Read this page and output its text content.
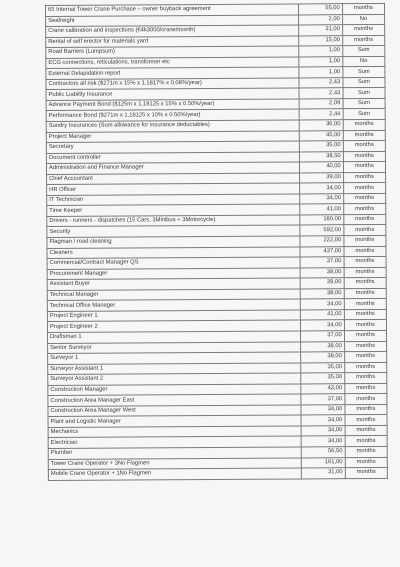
65 Internal Tower Crane Purchase – owner buyback agreement	55,00	months
Seafreight	2,00	No
Crane calibration and inspections (€4k3000/crane/month)	31,00	months
Rental of self erector for materials yard	15,00	months
Road Barriers (Lumpsum)	1,00	Sum
ECG connections, reticulations, transformer etc	1,00	No
External Delapidation report	1,00	Sum
Contractors all risk ($271m x 15% x 1.1817% x 0.08%/year)	2,43	Sum
Public Liability Insurance	2,43	Sum
Advance Payment Bond ($125m x 1,18125 x 15% x 0.50%/year)	2,09	Sum
Performance Bond ($271m x 1,18125 x 10% x 0.50%/year)	2,44	Sum
Sundry Insurances (Sum allowance for insurance deductables)	36,00	months
Project Manager	45,00	months
Secretary	35,00	months
Document controller	38,50	months
Administration and Finance Manager	40,00	months
Chief Accountant	39,00	months
HR Officer	34,00	months
IT Technician	34,00	months
Time Keeper	41,00	months
Drivers - runners - dispatches (15 Cars, 3Minibus + 3Motorcycle)	180,00	months
Security	592,00	months
Flagman / road cleaning	222,00	months
Cleaners	437,00	months
Commercial/Contract Manager QS	37,00	months
Procurement Manager	38,00	months
Assistant Buyer	39,00	months
Technical Manager	38,00	months
Technical Office Manager	34,00	months
Project Engineer 1	41,00	months
Project Engineer 2	34,00	months
Draftsman 1	37,00	months
Senior Surveyor	38,00	months
Surveyor 1	38,00	months
Surveyor Assistant 1	35,00	months
Surveyor Assistant 2	35,00	months
Construction Manager	43,00	months
Construction Area Manager East	37,00	months
Construction Area Manager West	34,00	months
Plant and Logistic Manager	34,00	months
Mechanics	34,00	months
Electrician	34,00	months
Plumber	56,50	months
Tower Crane Operator + 3No Flagmen	161,00	months
Mobile Crane Operator + 1No Flagmen	31,00	months
